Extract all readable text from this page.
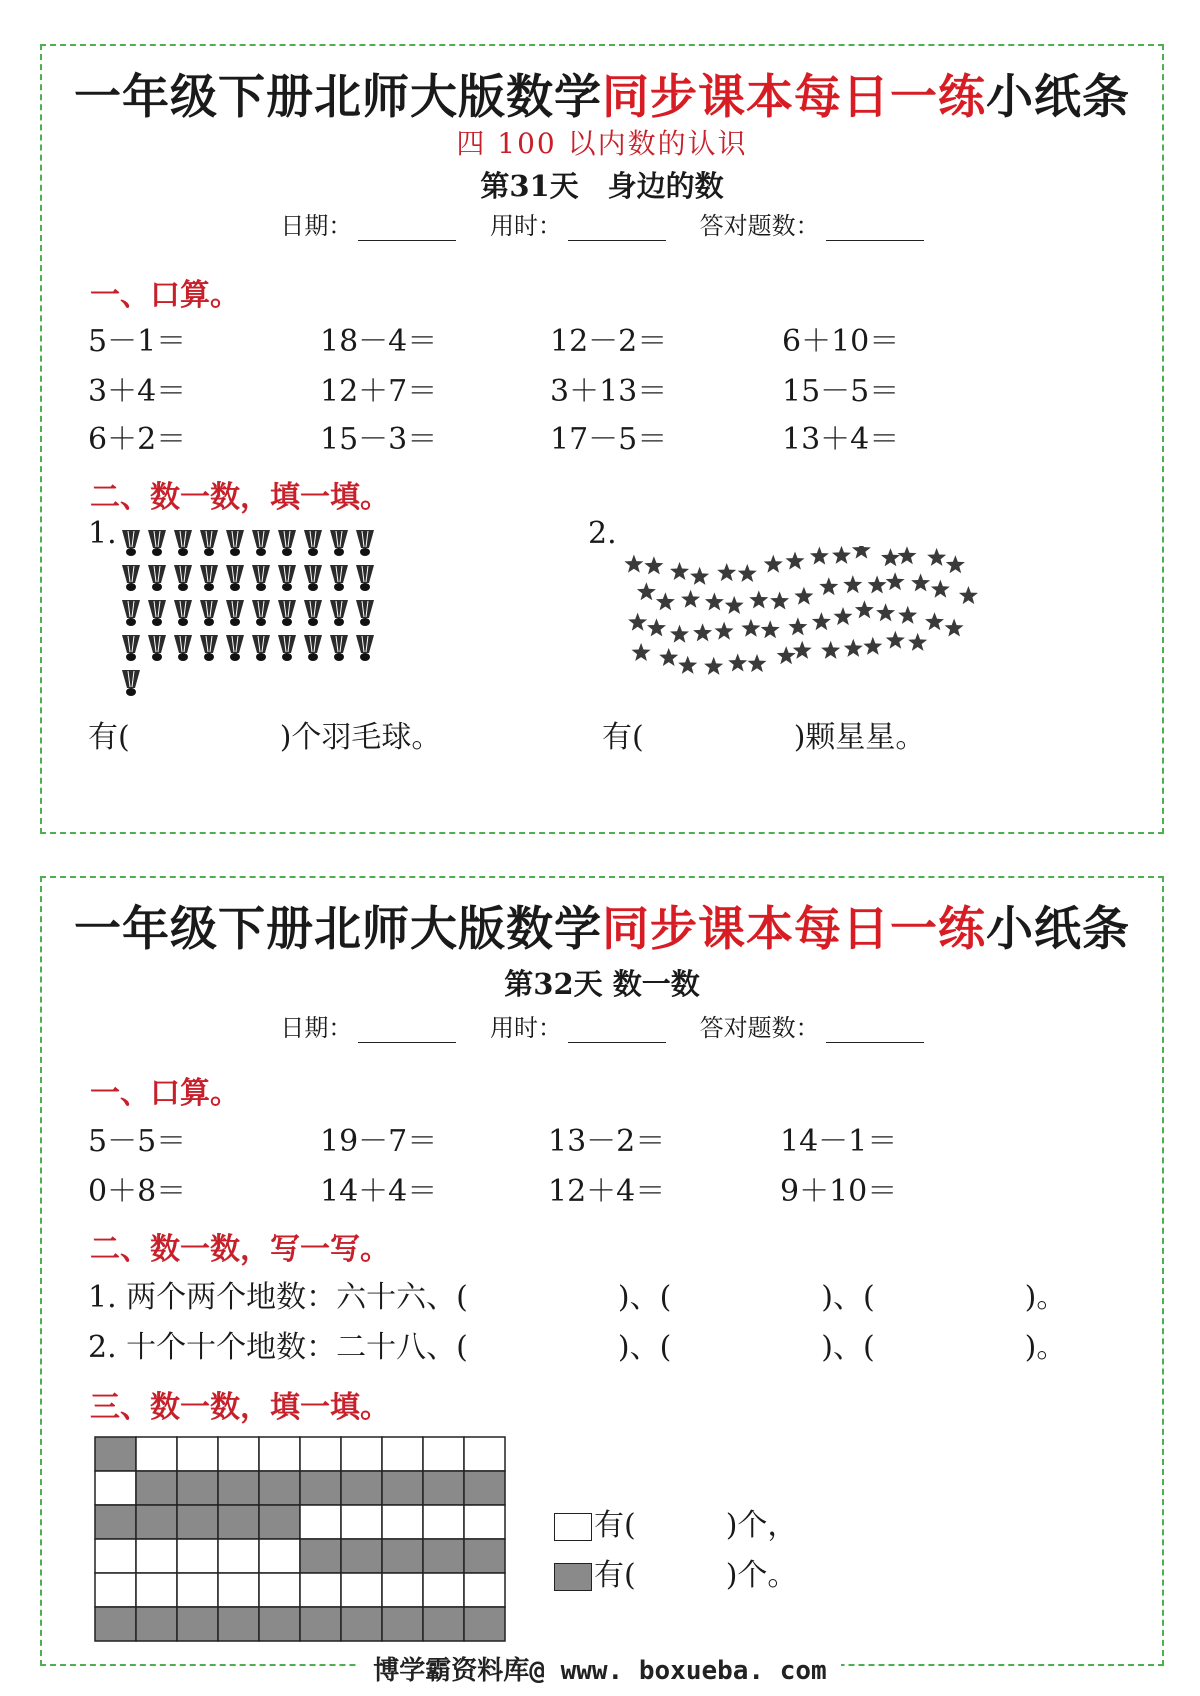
一年级下册北师大版数学同步课本每日一练小纸条
四 100 以内数的认识
第31天　身边的数
日期：	用时：	答对题数：
一、口算。
5－1＝	18－4＝	12－2＝	6＋10＝
3＋4＝	12＋7＝	3＋13＝	15－5＝
6＋2＝	15－3＝	17－5＝	13＋4＝
二、数一数，填一填。
1.	2.
有(　　　　　)个羽毛球。	有(　　　　　)颗星星。
一年级下册北师大版数学同步课本每日一练小纸条
第32天 数一数
日期：	用时：	答对题数：
一、口算。
5－5＝	19－7＝	13－2＝	14－1＝
0＋8＝	14＋4＝	12＋4＝	9＋10＝
二、数一数，写一写。
1. 两个两个地数：六十六、(　　　　　)、(　　　　　)、(　　　　　)。
2. 十个十个地数：二十八、(　　　　　)、(　　　　　)、(　　　　　)。
三、数一数，填一填。
有(　　　)个，
有(　　　)个。
博学霸资料库@ www. boxueba. com
